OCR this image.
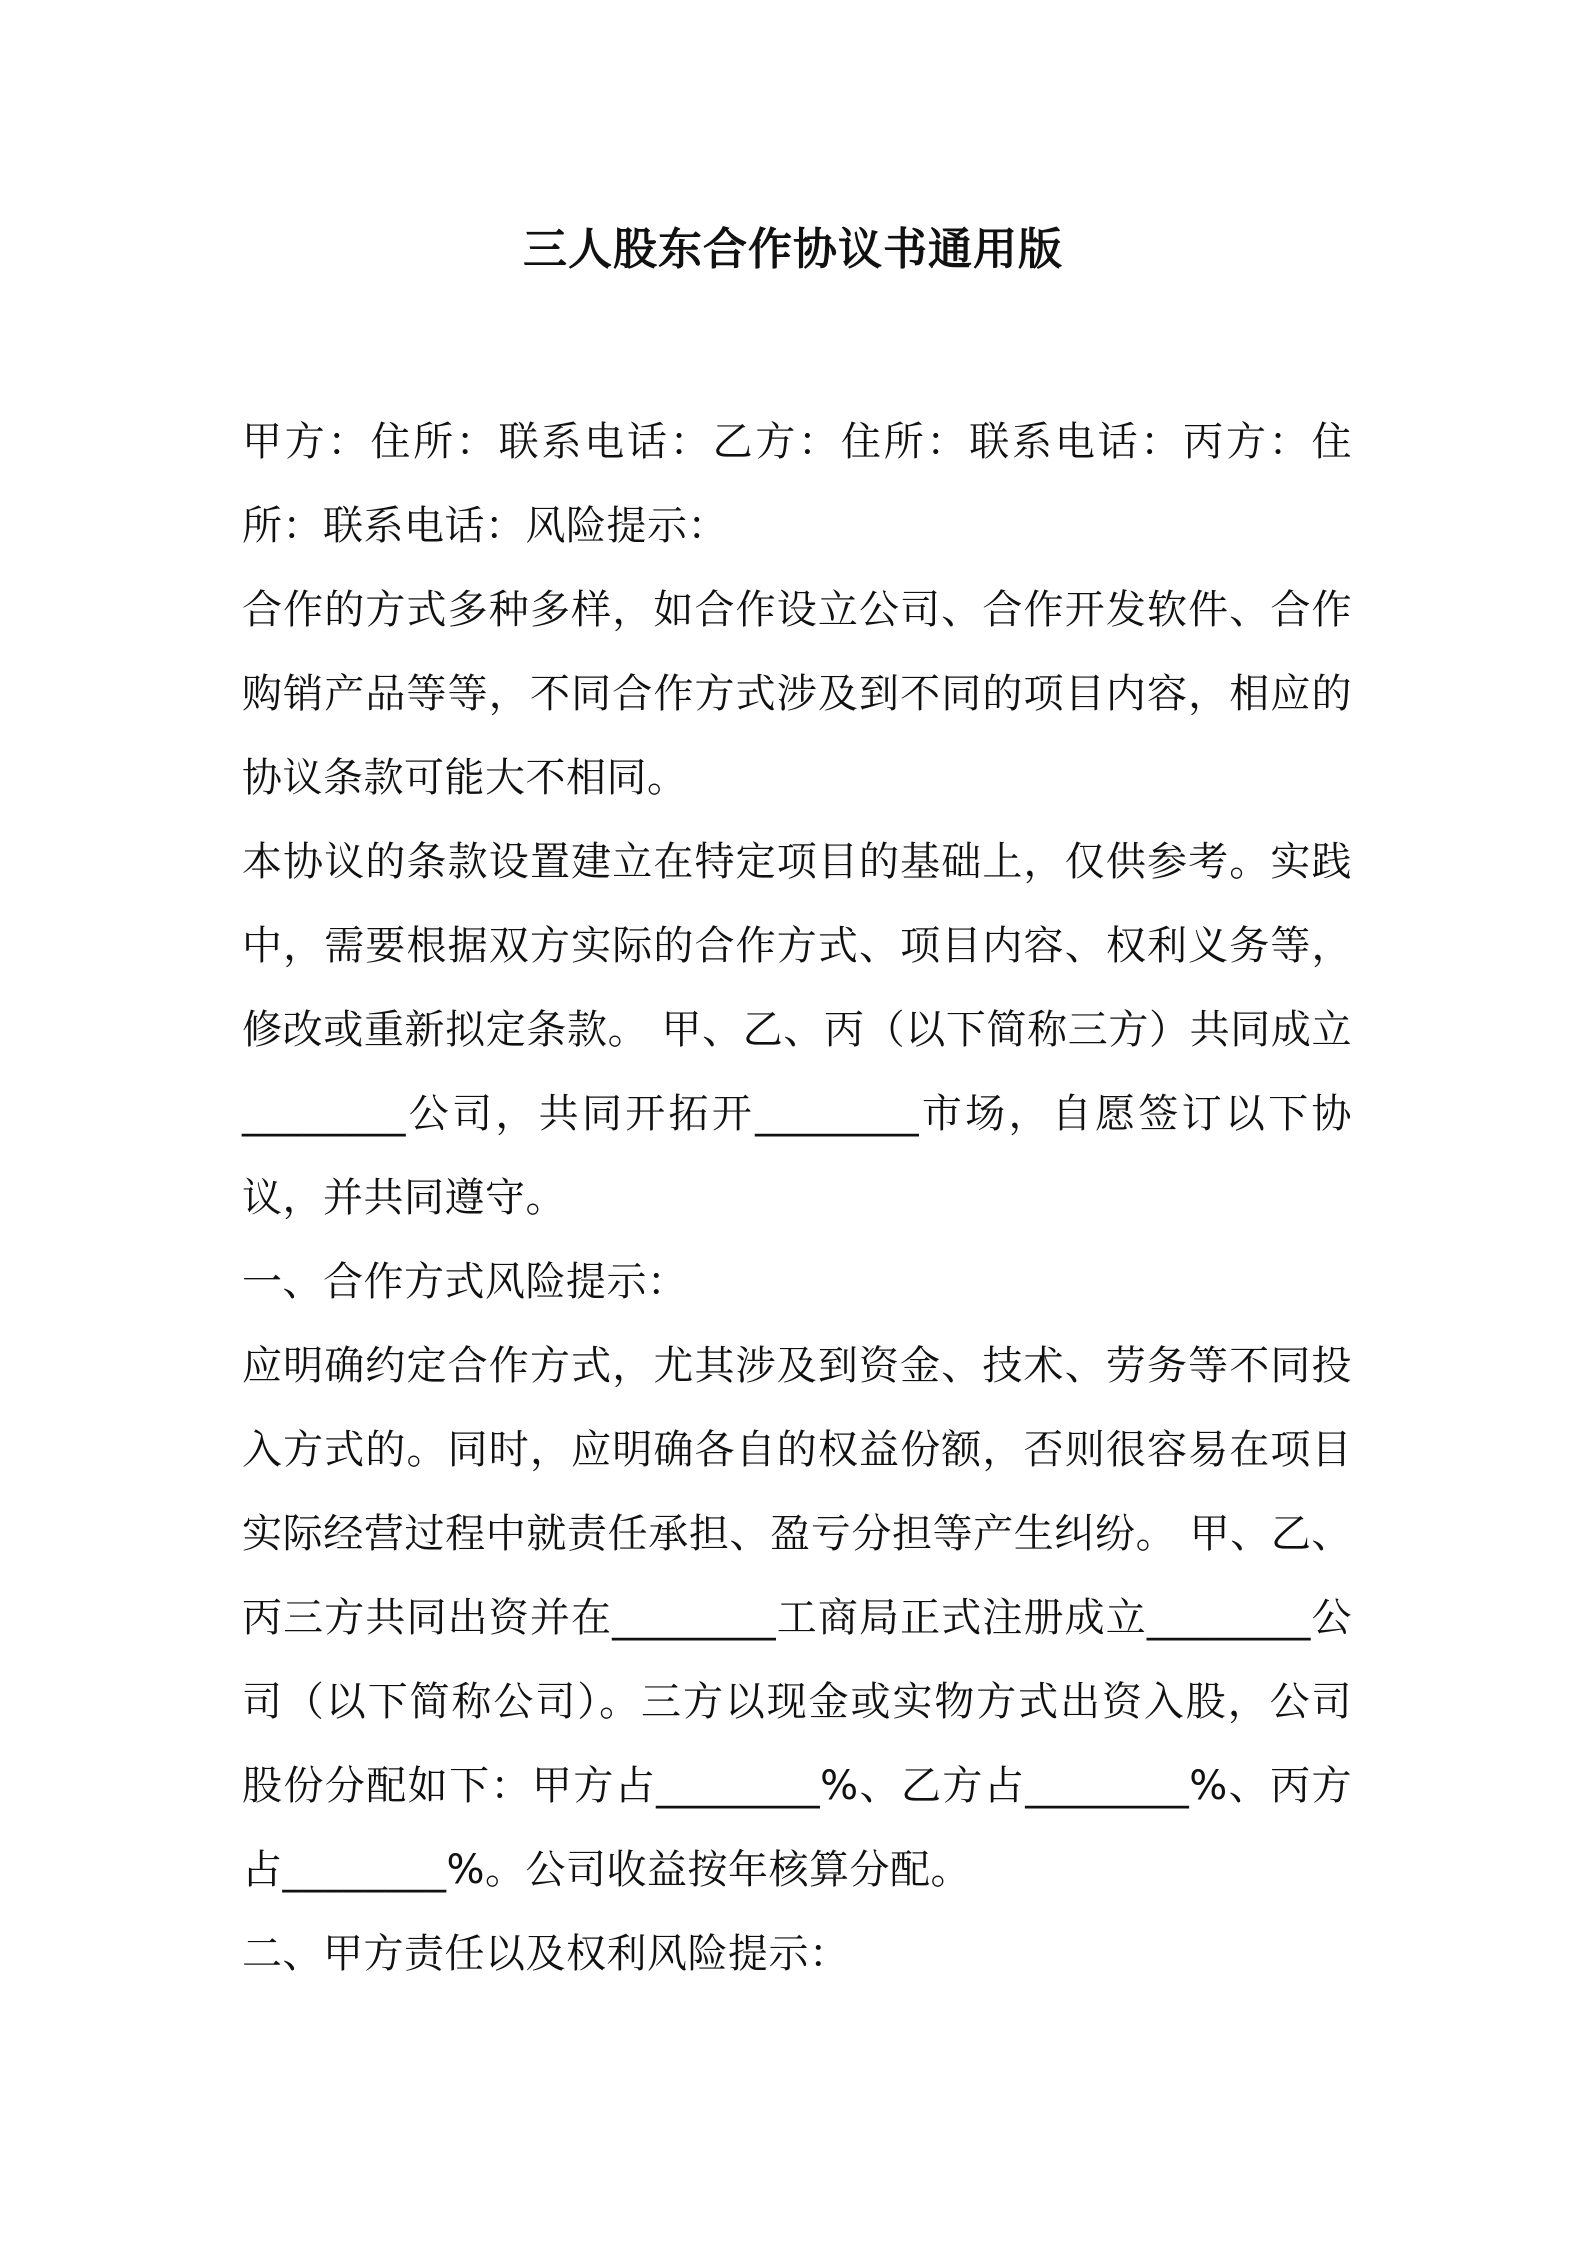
三人股东合作协议书通用版

甲方：住所：联系电话：乙方：住所：联系电话：丙方：住所：联系电话：风险提示：

合作的方式多种多样，如合作设立公司、合作开发软件、合作购销产品等等，不同合作方式涉及到不同的项目内容，相应的协议条款可能大不相同。

本协议的条款设置建立在特定项目的基础上，仅供参考。实践中，需要根据双方实际的合作方式、项目内容、权利义务等，修改或重新拟定条款。 甲、乙、丙（以下简称三方）共同成立________公司，共同开拓开________市场，自愿签订以下协议，并共同遵守。

一、合作方式风险提示：

应明确约定合作方式，尤其涉及到资金、技术、劳务等不同投入方式的。同时，应明确各自的权益份额，否则很容易在项目实际经营过程中就责任承担、盈亏分担等产生纠纷。 甲、乙、丙三方共同出资并在________工商局正式注册成立________公司（以下简称公司）。三方以现金或实物方式出资入股，公司股份分配如下：甲方占________%、乙方占________%、丙方占________%。公司收益按年核算分配。

二、甲方责任以及权利风险提示：
